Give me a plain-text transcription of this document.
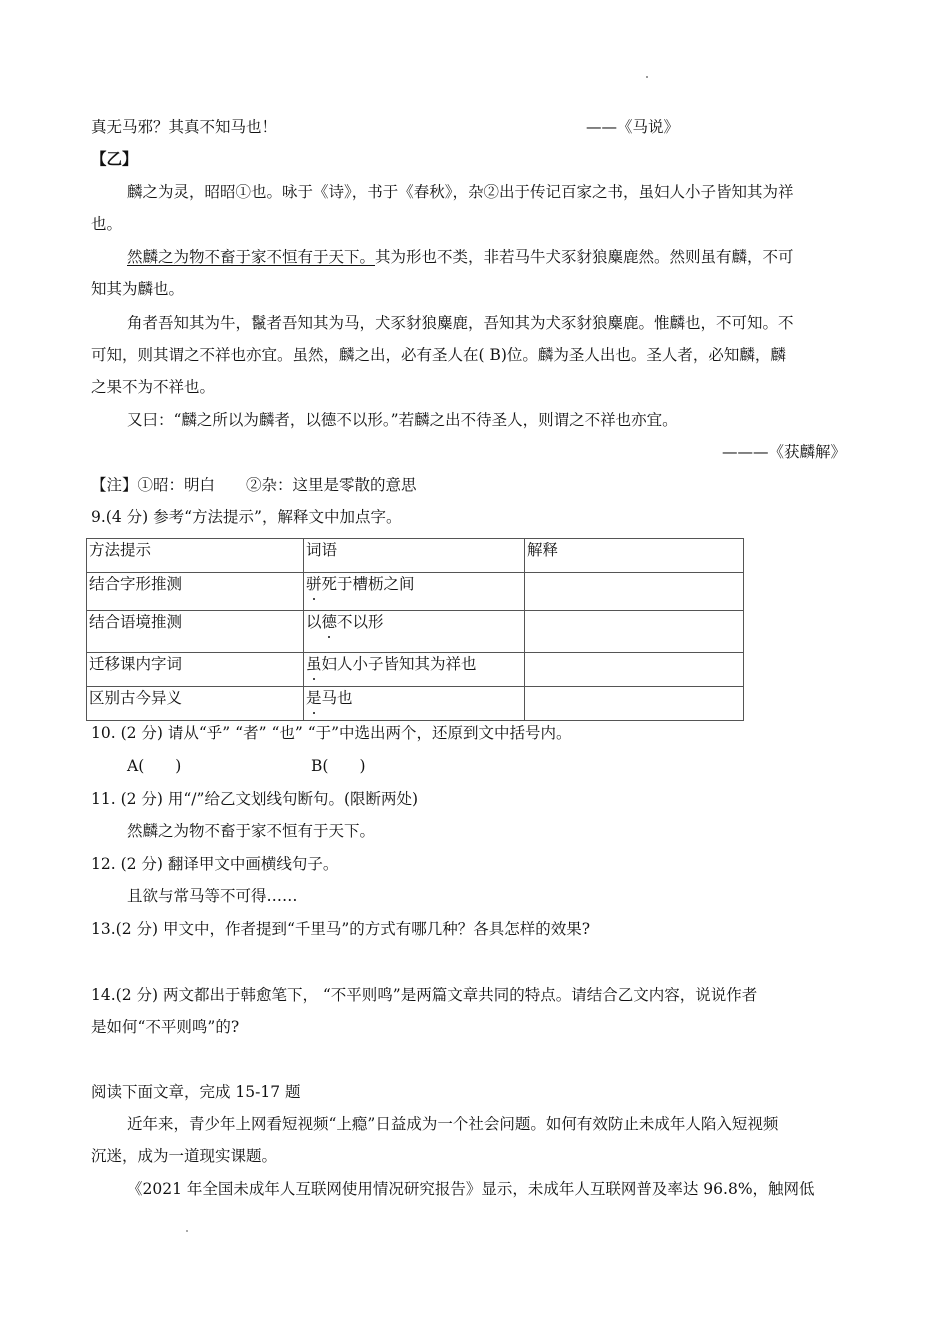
真无马邪？其真不知马也！	——《马说》
【乙】
麟之为灵，昭昭①也。咏于《诗》，书于《春秋》，杂②出于传记百家之书，虽妇人小子皆知其为祥
也。
然麟之为物不畜于家不恒有于天下。其为形也不类，非若马牛犬豕豺狼麋鹿然。然则虽有麟，不可
知其为麟也。
角者吾知其为牛，鬣者吾知其为马，犬豕豺狼麋鹿，吾知其为犬豕豺狼麋鹿。惟麟也，不可知。不
可知，则其谓之不祥也亦宜。虽然，麟之出，必有圣人在( B)位。麟为圣人出也。圣人者，必知麟，麟
之果不为不祥也。
又曰：“麟之所以为麟者，以德不以形。”若麟之出不待圣人，则谓之不祥也亦宜。
———《获麟解》
【注】①昭：明白　　②杂：这里是零散的意思
9.(4 分) 参考“方法提示”，解释文中加点字。
方法提示	词语	解释
结合字形推测	骈死于槽枥之间	
结合语境推测	以德不以形	
迁移课内字词	虽妇人小子皆知其为祥也	
区别古今异义	是马也	
10. (2 分) 请从“乎” “者” “也” “于”中选出两个，还原到文中括号内。
A(　　)	B(　　)
11. (2 分) 用“/”给乙文划线句断句。(限断两处)
然麟之为物不畜于家不恒有于天下。
12. (2 分) 翻译甲文中画横线句子。
且欲与常马等不可得……
13.(2 分) 甲文中，作者提到“千里马”的方式有哪几种？各具怎样的效果?
14.(2 分) 两文都出于韩愈笔下， “不平则鸣”是两篇文章共同的特点。请结合乙文内容，说说作者
是如何“不平则鸣”的?
阅读下面文章，完成 15-17 题
近年来，青少年上网看短视频“上瘾”日益成为一个社会问题。如何有效防止未成年人陷入短视频
沉迷，成为一道现实课题。
《2021 年全国未成年人互联网使用情况研究报告》显示，未成年人互联网普及率达 96.8%，触网低
